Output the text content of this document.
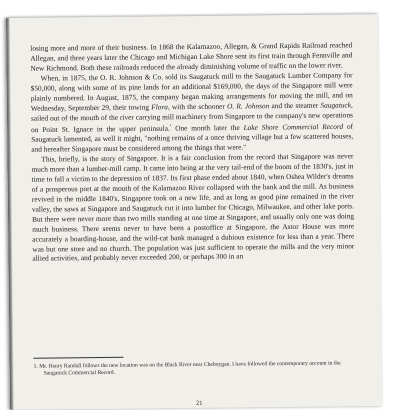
losing more and more of their business. In 1868 the Kalamazoo, Allegan, & Grand Rapids Railroad reached Allegan, and three years later the Chicago and Michigan Lake Shore sent its first train through Fennville and New Richmond. Both these railroads reduced the already diminishing volume of traffic on the lower river.

When, in 1875, the O. R. Johnson & Co. sold its Saugatuck mill to the Saugatuck Lumber Company for $50,000, along with some of its pine lands for an additional $169,000, the days of the Singapore mill were plainly numbered. In August, 1875, the company began making arrangements for moving the mill, and on Wednesday, September 29, their towing Flora, with the schooner O. R. Johnson and the steamer Saugatuck, sailed out of the mouth of the river carrying mill machinery from Singapore to the company's new operations on Point St. Ignace in the upper peninsula.$^{^1}$ One month later the Lake Shore Commercial Record of Saugatuck lamented, as well it might, "nothing remains of a once thriving village but a few scattered houses, and hereafter Singapore must be considered among the things that were."

This, briefly, is the story of Singapore. It is a fair conclusion from the record that Singapore was never much more than a lumber-mill camp. It came into being at the very tail-end of the boom of the 1830's, just in time to fall a victim to the depression of 1837. Its first phase ended about 1840, when Oshea Wilder's dreams of a prosperous port at the mouth of the Kalamazoo River collapsed with the bank and the mill. As business revived in the middle 1840's, Singapore took on a new life, and as long as good pine remained in the river valley, the saws at Singapore and Saugatuck cut it into lumber for Chicago, Milwaukee, and other lake ports. But there were never more than two mills standing at one time at Singapore, and usually only one was doing much business. There seems never to have been a postoffice at Singapore, the Astor House was more accurately a boarding-house, and the wild-cat bank managed a dubious existence for less than a year. There was but one store and no church. The population was just sufficient to operate the mills and the very minor allied activities, and probably never exceeded 200, or perhaps 300 in an

1. Mr. Henry Randall follows the new location was on the Black River near Cheboygan. I have followed the contemporary account in the Saugatuck Commercial Record.
21
